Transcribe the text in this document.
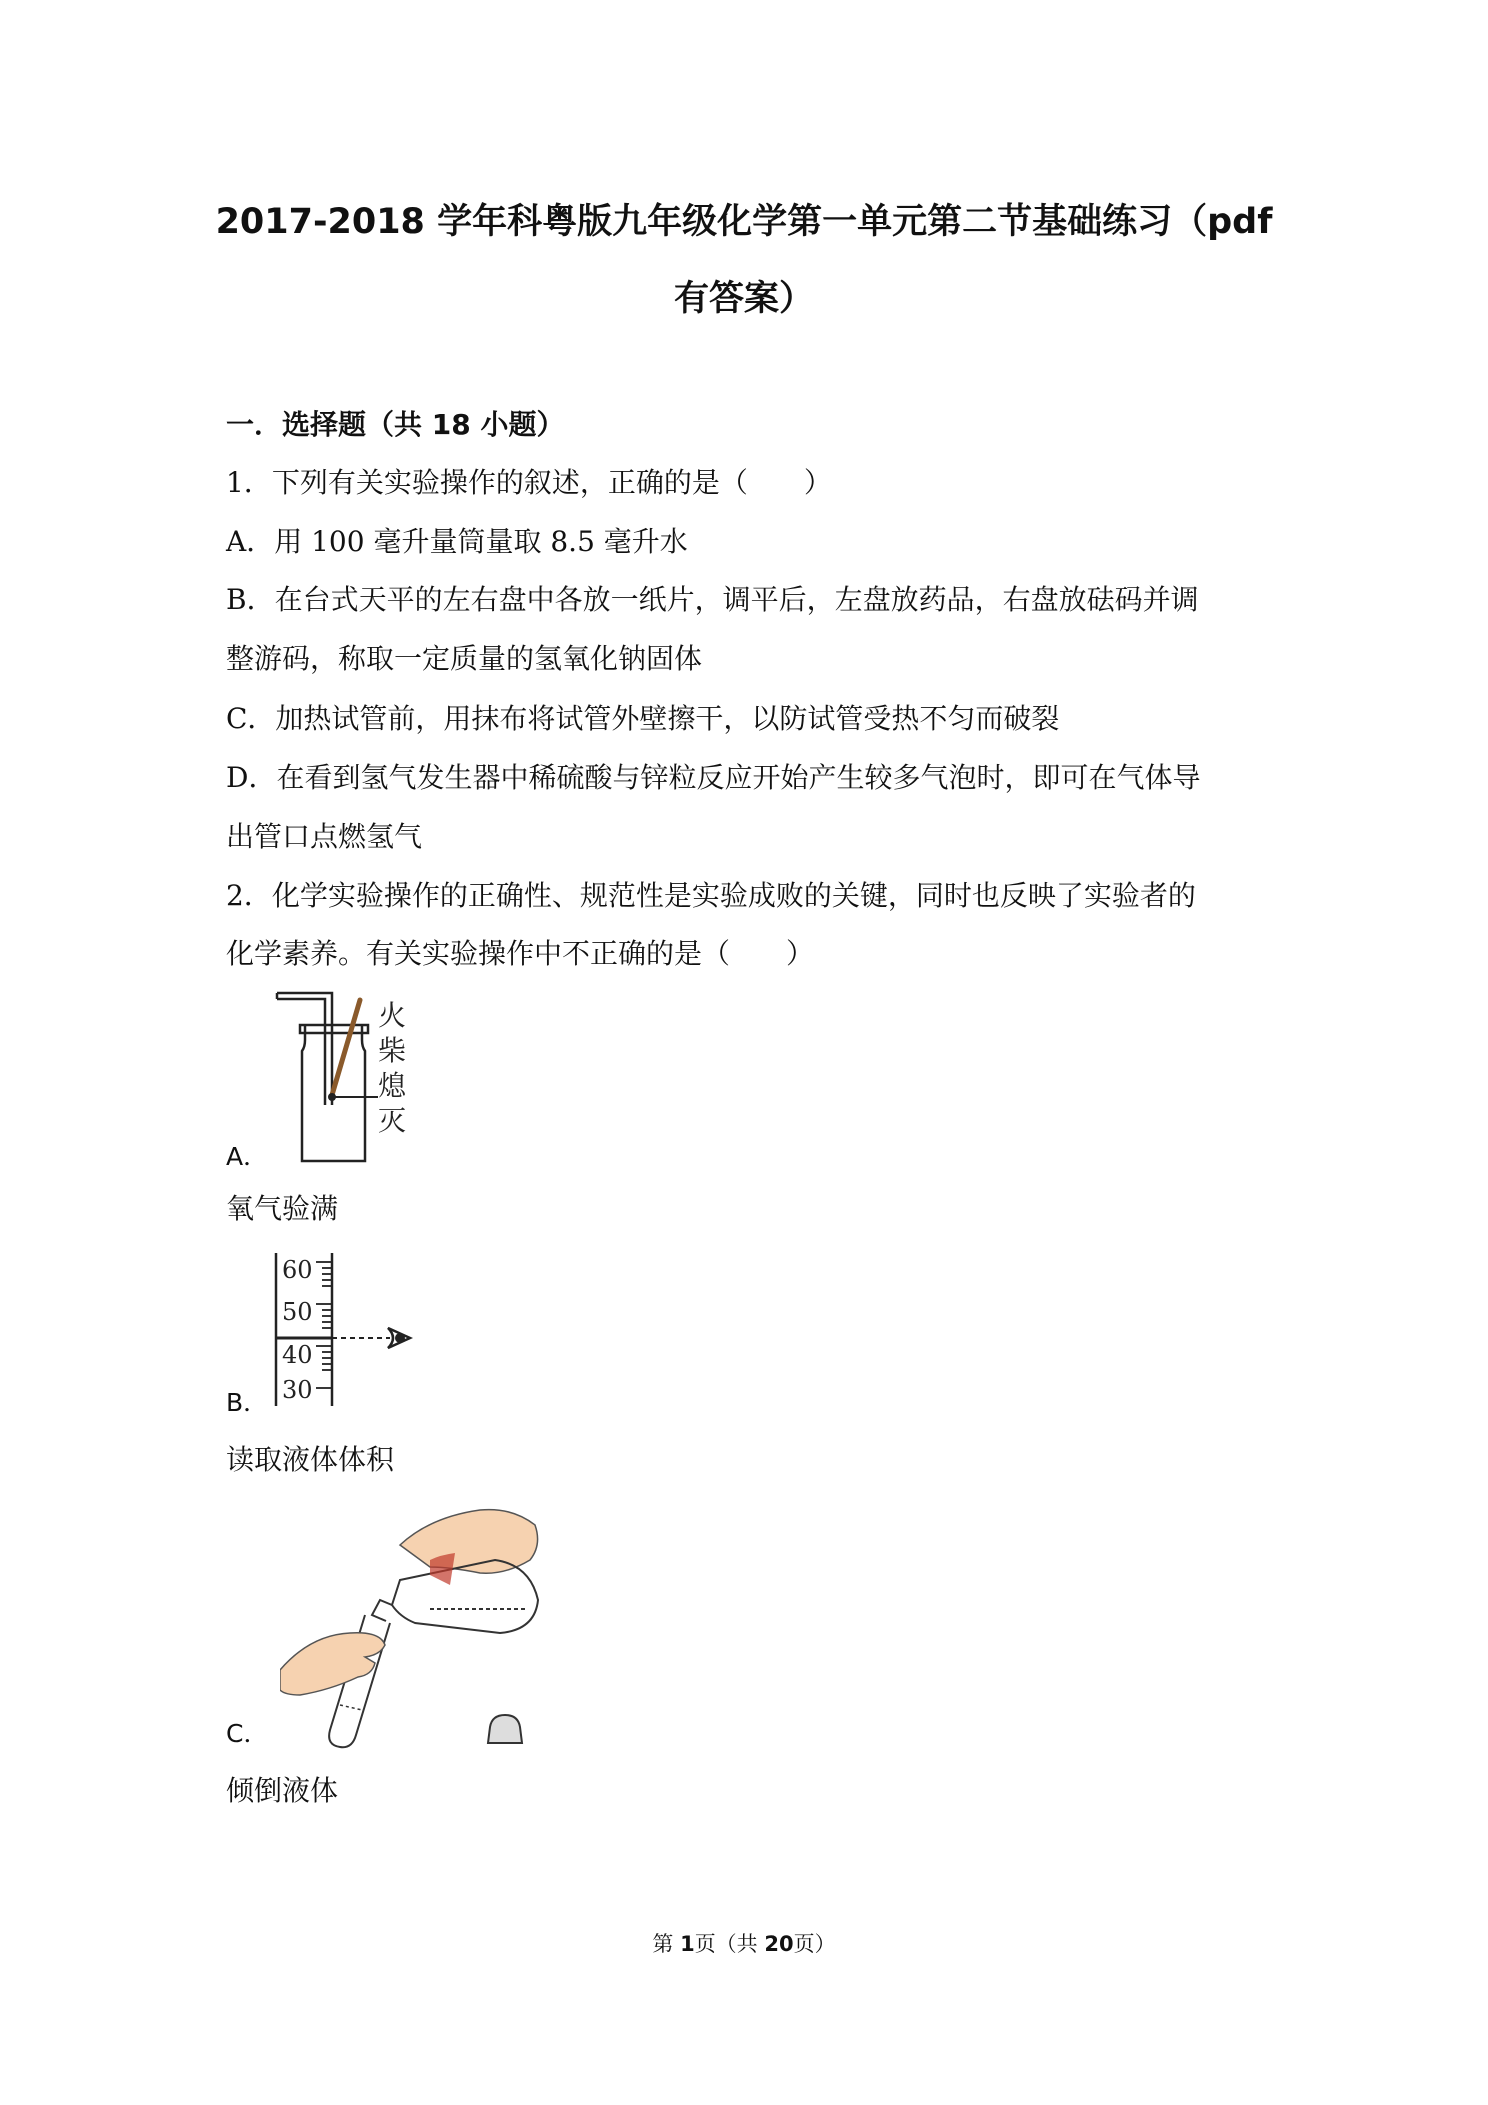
2017-2018 学年科粤版九年级化学第一单元第二节基础练习（pdf
有答案）

一．选择题（共 18 小题）

1．下列有关实验操作的叙述，正确的是（　　）

A．用 100 毫升量筒量取 8.5 毫升水

B．在台式天平的左右盘中各放一纸片，调平后，左盘放药品，右盘放砝码并调

整游码，称取一定质量的氢氧化钠固体

C．加热试管前，用抹布将试管外壁擦干，以防试管受热不匀而破裂

D．在看到氢气发生器中稀硫酸与锌粒反应开始产生较多气泡时，即可在气体导

出管口点燃氢气

2．化学实验操作的正确性、规范性是实验成败的关键，同时也反映了实验者的

化学素养。有关实验操作中不正确的是（　　）

火
柴
熄
灭
A．

氧气验满

60
50
40
30
B．

读取液体体积

C．

倾倒液体

第 1页（共 20页）
